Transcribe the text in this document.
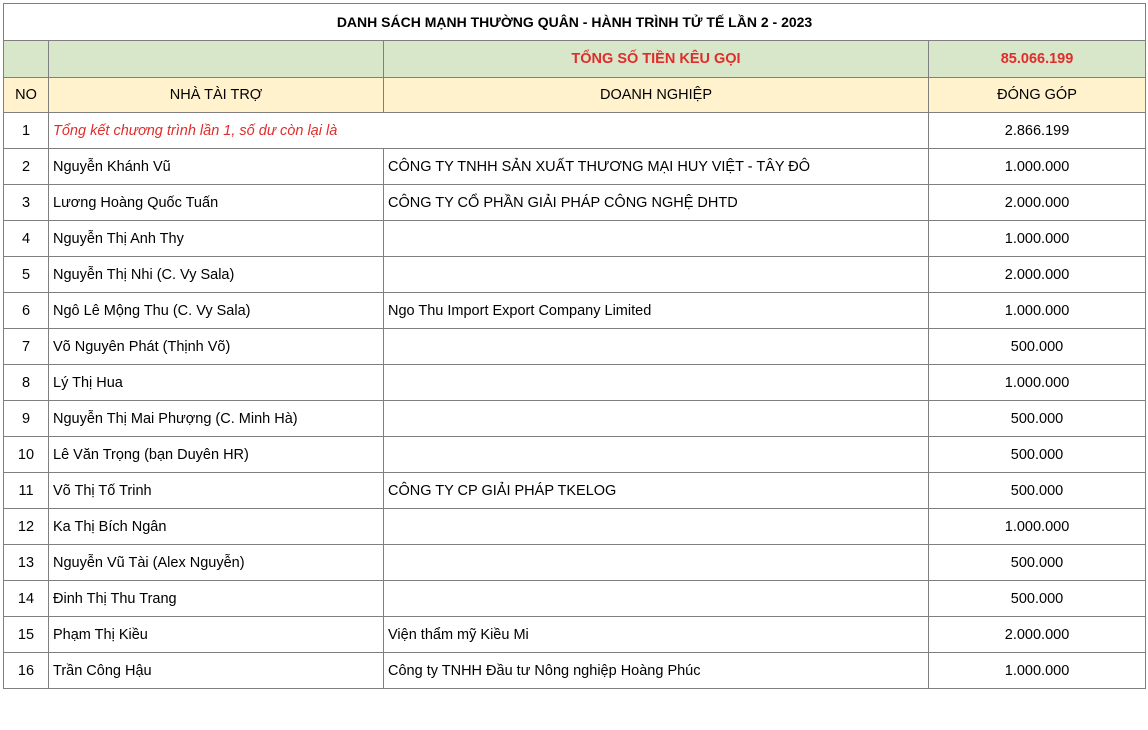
DANH SÁCH MẠNH THƯỜNG QUÂN - HÀNH TRÌNH TỬ TẾ LẦN 2 - 2023			
		TỔNG SỐ TIỀN KÊU GỌI	85.066.199
NO	NHÀ TÀI TRỢ	DOANH NGHIỆP	ĐÓNG GÓP
1	Tổng kết chương trình lần 1, số dư còn lại là		2.866.199
2	Nguyễn Khánh Vũ	CÔNG TY TNHH SẢN XUẤT THƯƠNG MẠI HUY VIỆT - TÂY ĐÔ	1.000.000
3	Lương Hoàng Quốc Tuấn	CÔNG TY CỔ PHẦN GIẢI PHÁP CÔNG NGHỆ DHTD	2.000.000
4	Nguyễn Thị Anh Thy		1.000.000
5	Nguyễn Thị Nhi (C. Vy Sala)		2.000.000
6	Ngô Lê Mộng Thu (C. Vy Sala)	Ngo Thu Import Export Company Limited	1.000.000
7	Võ Nguyên Phát (Thịnh Võ)		500.000
8	Lý Thị Hua		1.000.000
9	Nguyễn Thị Mai Phượng (C. Minh Hà)		500.000
10	Lê Văn Trọng (bạn Duyên HR)		500.000
11	Võ Thị Tố Trinh	CÔNG TY CP GIẢI PHÁP TKELOG	500.000
12	Ka Thị Bích Ngân		1.000.000
13	Nguyễn Vũ Tài (Alex Nguyễn)		500.000
14	Đinh Thị Thu Trang		500.000
15	Phạm Thị Kiều	Viện thẩm mỹ Kiều Mi	2.000.000
16	Trần Công Hậu	Công ty TNHH Đầu tư Nông nghiệp Hoàng Phúc	1.000.000
